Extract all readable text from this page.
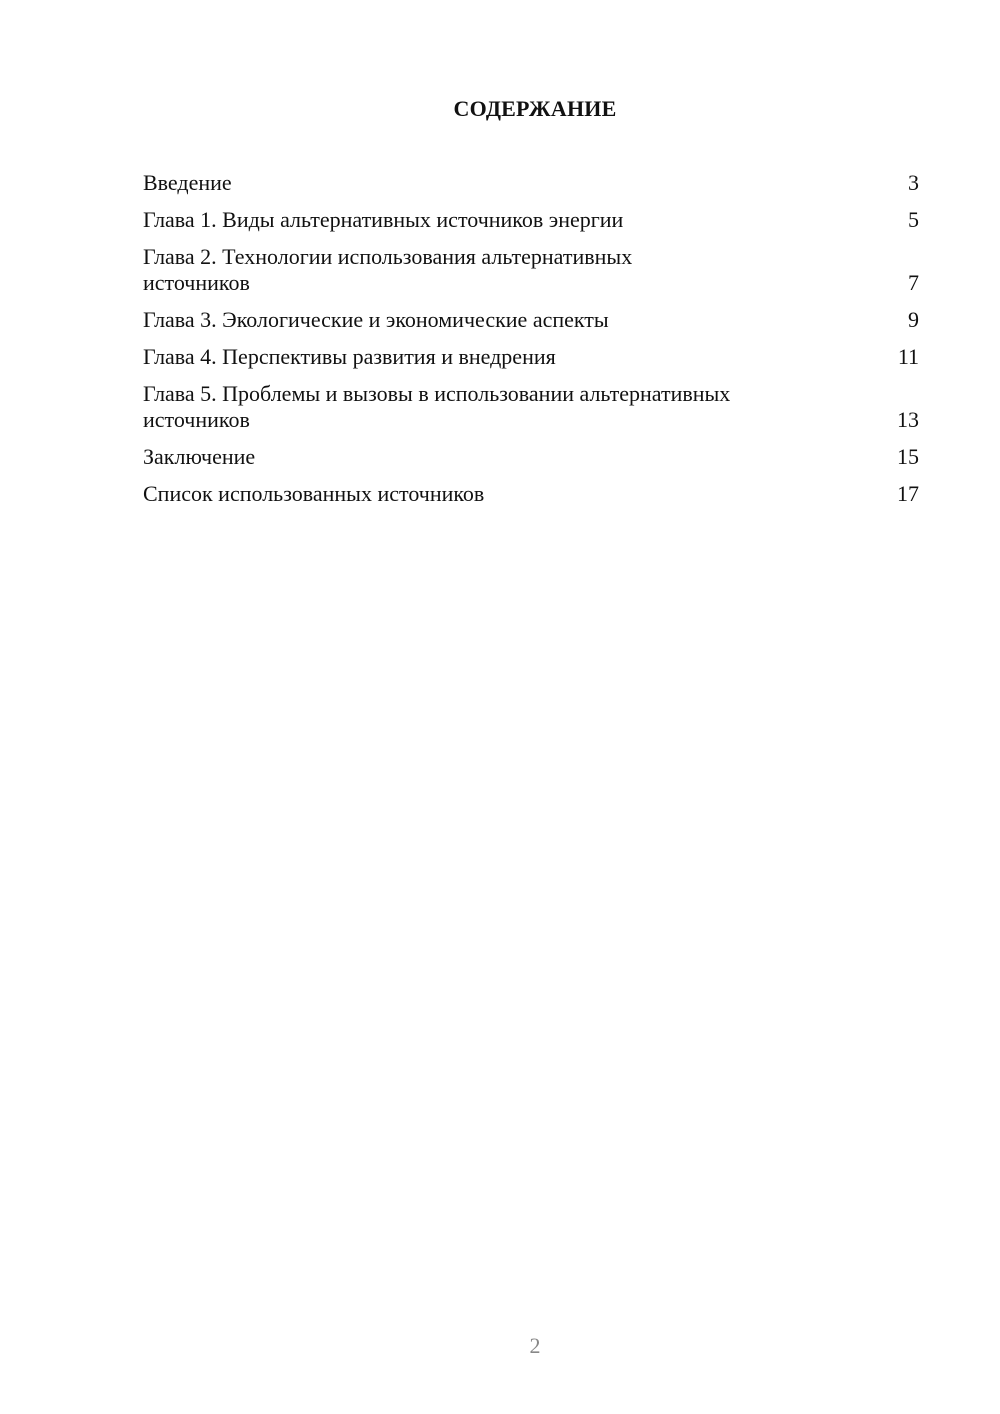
СОДЕРЖАНИЕ
Введение	3
Глава 1. Виды альтернативных источников энергии	5
Глава 2. Технологии использования альтернативных источников	7
Глава 3. Экологические и экономические аспекты	9
Глава 4. Перспективы развития и внедрения	11
Глава 5. Проблемы и вызовы в использовании альтернативных источников	13
Заключение	15
Список использованных источников	17
2
